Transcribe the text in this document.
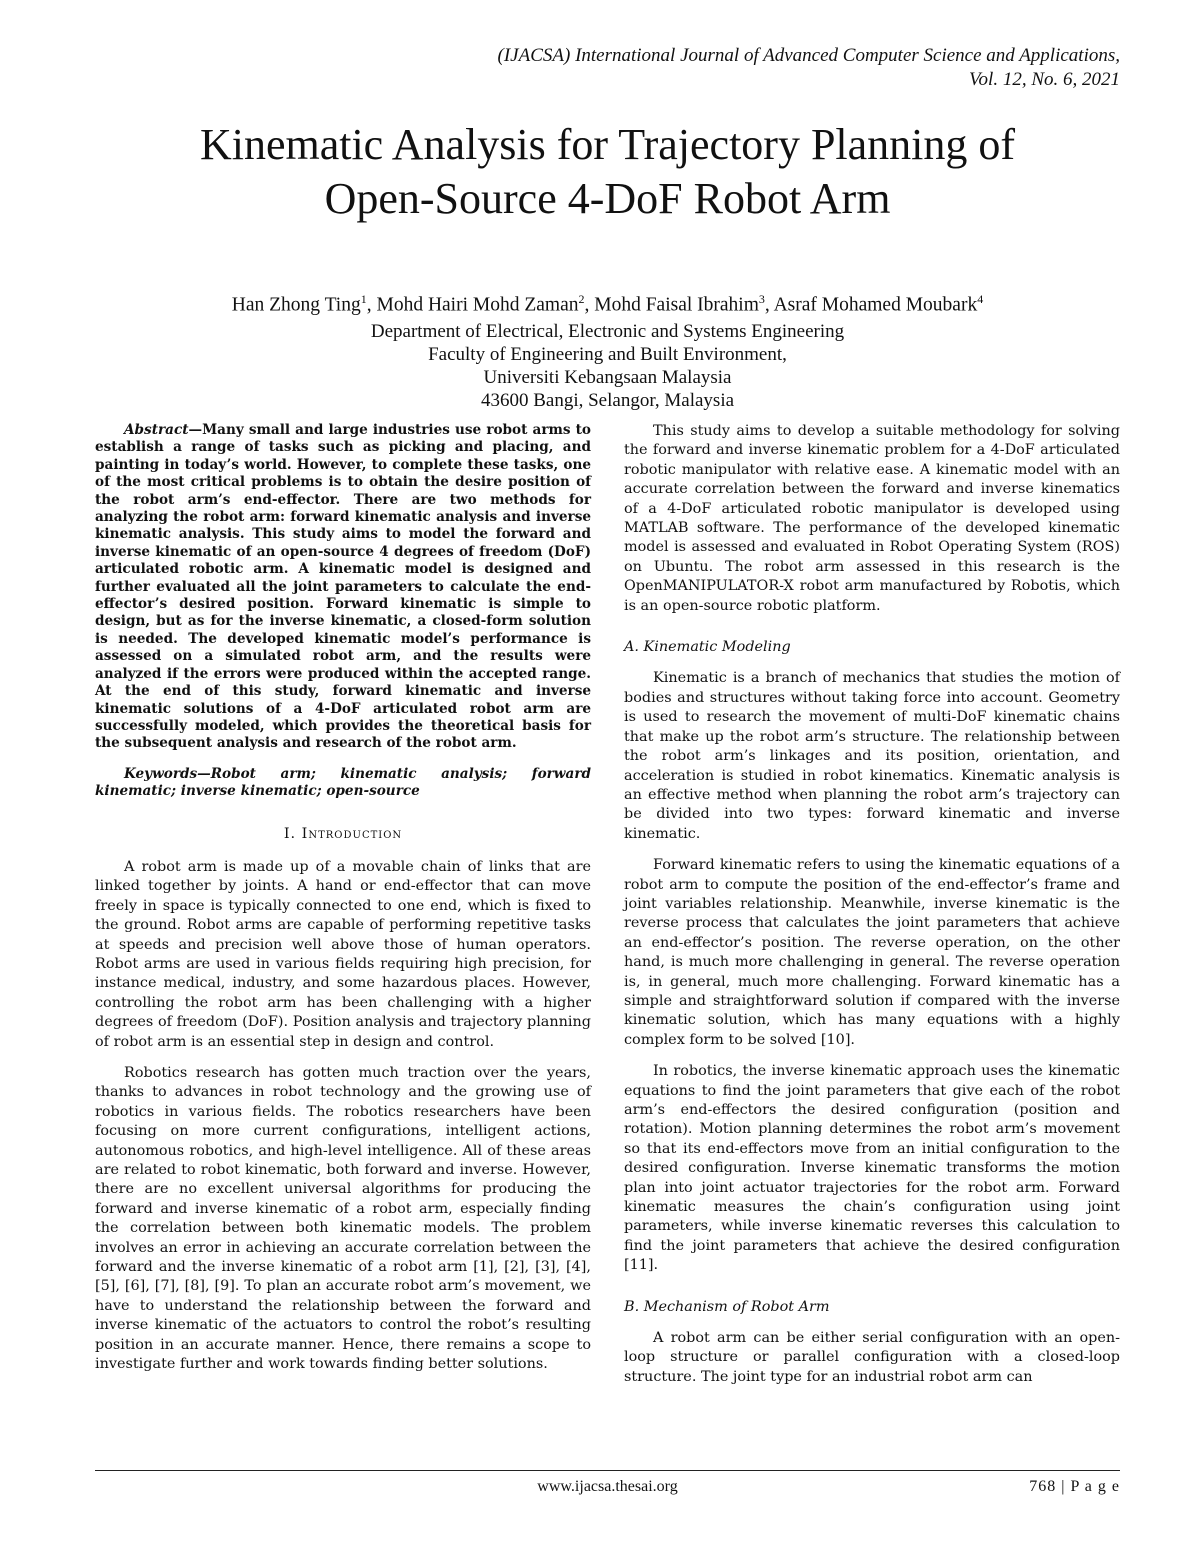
(IJACSA) International Journal of Advanced Computer Science and Applications,
Vol. 12, No. 6, 2021
Kinematic Analysis for Trajectory Planning of
Open-Source 4-DoF Robot Arm
Han Zhong Ting$^1$, Mohd Hairi Mohd Zaman$^2$, Mohd Faisal Ibrahim$^3$, Asraf Mohamed Moubark$^4$
Department of Electrical, Electronic and Systems Engineering
Faculty of Engineering and Built Environment,
Universiti Kebangsaan Malaysia
43600 Bangi, Selangor, Malaysia

Abstract—Many small and large industries use robot arms to establish a range of tasks such as picking and placing, and painting in today’s world. However, to complete these tasks, one of the most critical problems is to obtain the desire position of the robot arm’s end-effector. There are two methods for analyzing the robot arm: forward kinematic analysis and inverse kinematic analysis. This study aims to model the forward and inverse kinematic of an open-source 4 degrees of freedom (DoF) articulated robotic arm. A kinematic model is designed and further evaluated all the joint parameters to calculate the end-effector’s desired position. Forward kinematic is simple to design, but as for the inverse kinematic, a closed-form solution is needed. The developed kinematic model’s performance is assessed on a simulated robot arm, and the results were analyzed if the errors were produced within the accepted range. At the end of this study, forward kinematic and inverse kinematic solutions of a 4-DoF articulated robot arm are successfully modeled, which provides the theoretical basis for the subsequent analysis and research of the robot arm.

Keywords—Robot arm; kinematic analysis; forward kinematic; inverse kinematic; open-source

I. Introduction

A robot arm is made up of a movable chain of links that are linked together by joints. A hand or end-effector that can move freely in space is typically connected to one end, which is fixed to the ground. Robot arms are capable of performing repetitive tasks at speeds and precision well above those of human operators. Robot arms are used in various fields requiring high precision, for instance medical, industry, and some hazardous places. However, controlling the robot arm has been challenging with a higher degrees of freedom (DoF). Position analysis and trajectory planning of robot arm is an essential step in design and control.

Robotics research has gotten much traction over the years, thanks to advances in robot technology and the growing use of robotics in various fields. The robotics researchers have been focusing on more current configurations, intelligent actions, autonomous robotics, and high-level intelligence. All of these areas are related to robot kinematic, both forward and inverse. However, there are no excellent universal algorithms for producing the forward and inverse kinematic of a robot arm, especially finding the correlation between both kinematic models. The problem involves an error in achieving an accurate correlation between the forward and the inverse kinematic of a robot arm [1], [2], [3], [4], [5], [6], [7], [8], [9]. To plan an accurate robot arm’s movement, we have to understand the relationship between the forward and inverse kinematic of the actuators to control the robot’s resulting position in an accurate manner. Hence, there remains a scope to investigate further and work towards finding better solutions.

This study aims to develop a suitable methodology for solving the forward and inverse kinematic problem for a 4-DoF articulated robotic manipulator with relative ease. A kinematic model with an accurate correlation between the forward and inverse kinematics of a 4-DoF articulated robotic manipulator is developed using MATLAB software. The performance of the developed kinematic model is assessed and evaluated in Robot Operating System (ROS) on Ubuntu. The robot arm assessed in this research is the OpenMANIPULATOR-X robot arm manufactured by Robotis, which is an open-source robotic platform.

A. Kinematic Modeling

Kinematic is a branch of mechanics that studies the motion of bodies and structures without taking force into account. Geometry is used to research the movement of multi-DoF kinematic chains that make up the robot arm’s structure. The relationship between the robot arm’s linkages and its position, orientation, and acceleration is studied in robot kinematics. Kinematic analysis is an effective method when planning the robot arm’s trajectory can be divided into two types: forward kinematic and inverse kinematic.

Forward kinematic refers to using the kinematic equations of a robot arm to compute the position of the end-effector’s frame and joint variables relationship. Meanwhile, inverse kinematic is the reverse process that calculates the joint parameters that achieve an end-effector’s position. The reverse operation, on the other hand, is much more challenging in general. The reverse operation is, in general, much more challenging. Forward kinematic has a simple and straightforward solution if compared with the inverse kinematic solution, which has many equations with a highly complex form to be solved [10].

In robotics, the inverse kinematic approach uses the kinematic equations to find the joint parameters that give each of the robot arm’s end-effectors the desired configuration (position and rotation). Motion planning determines the robot arm’s movement so that its end-effectors move from an initial configuration to the desired configuration. Inverse kinematic transforms the motion plan into joint actuator trajectories for the robot arm. Forward kinematic measures the chain’s configuration using joint parameters, while inverse kinematic reverses this calculation to find the joint parameters that achieve the desired configuration [11].

B. Mechanism of Robot Arm

A robot arm can be either serial configuration with an open-loop structure or parallel configuration with a closed-loop structure. The joint type for an industrial robot arm can

www.ijacsa.thesai.org	768 | P a g e
